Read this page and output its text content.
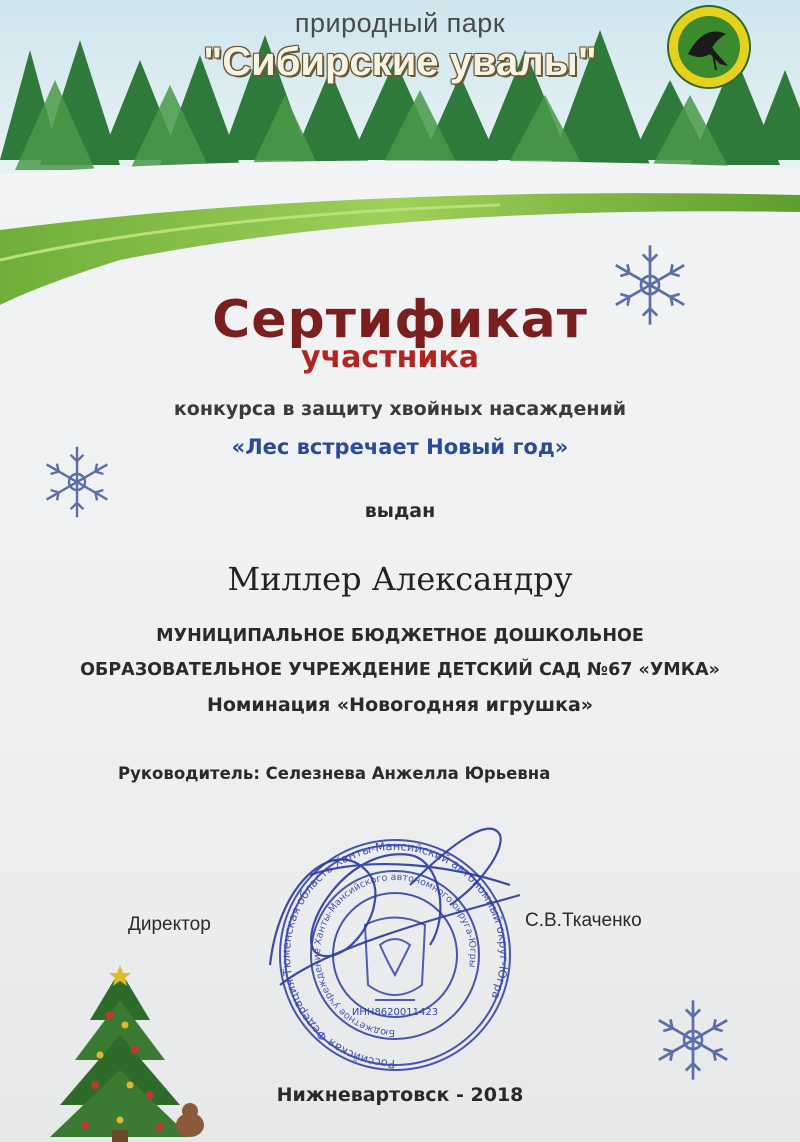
природный парк
"Сибирские увалы"
Сертификат
участника
конкурса в защиту хвойных насаждений
«Лес встречает Новый год»
выдан
Миллер Александру
МУНИЦИПАЛЬНОЕ БЮДЖЕТНОЕ ДОШКОЛЬНОЕ
ОБРАЗОВАТЕЛЬНОЕ УЧРЕЖДЕНИЕ ДЕТСКИЙ САД №67 «УМКА»
Номинация «Новогодняя игрушка»
Руководитель: Селезнева Анжелла Юрьевна
Директор	С.В.Ткаченко
Российская Федерация Тюменская область Ханты-Мансийский автономный округ-Югра
Бюджетное учреждение Ханты-Мансийского автономного округа-Югры
ИНН8620011423
Нижневартовск - 2018
